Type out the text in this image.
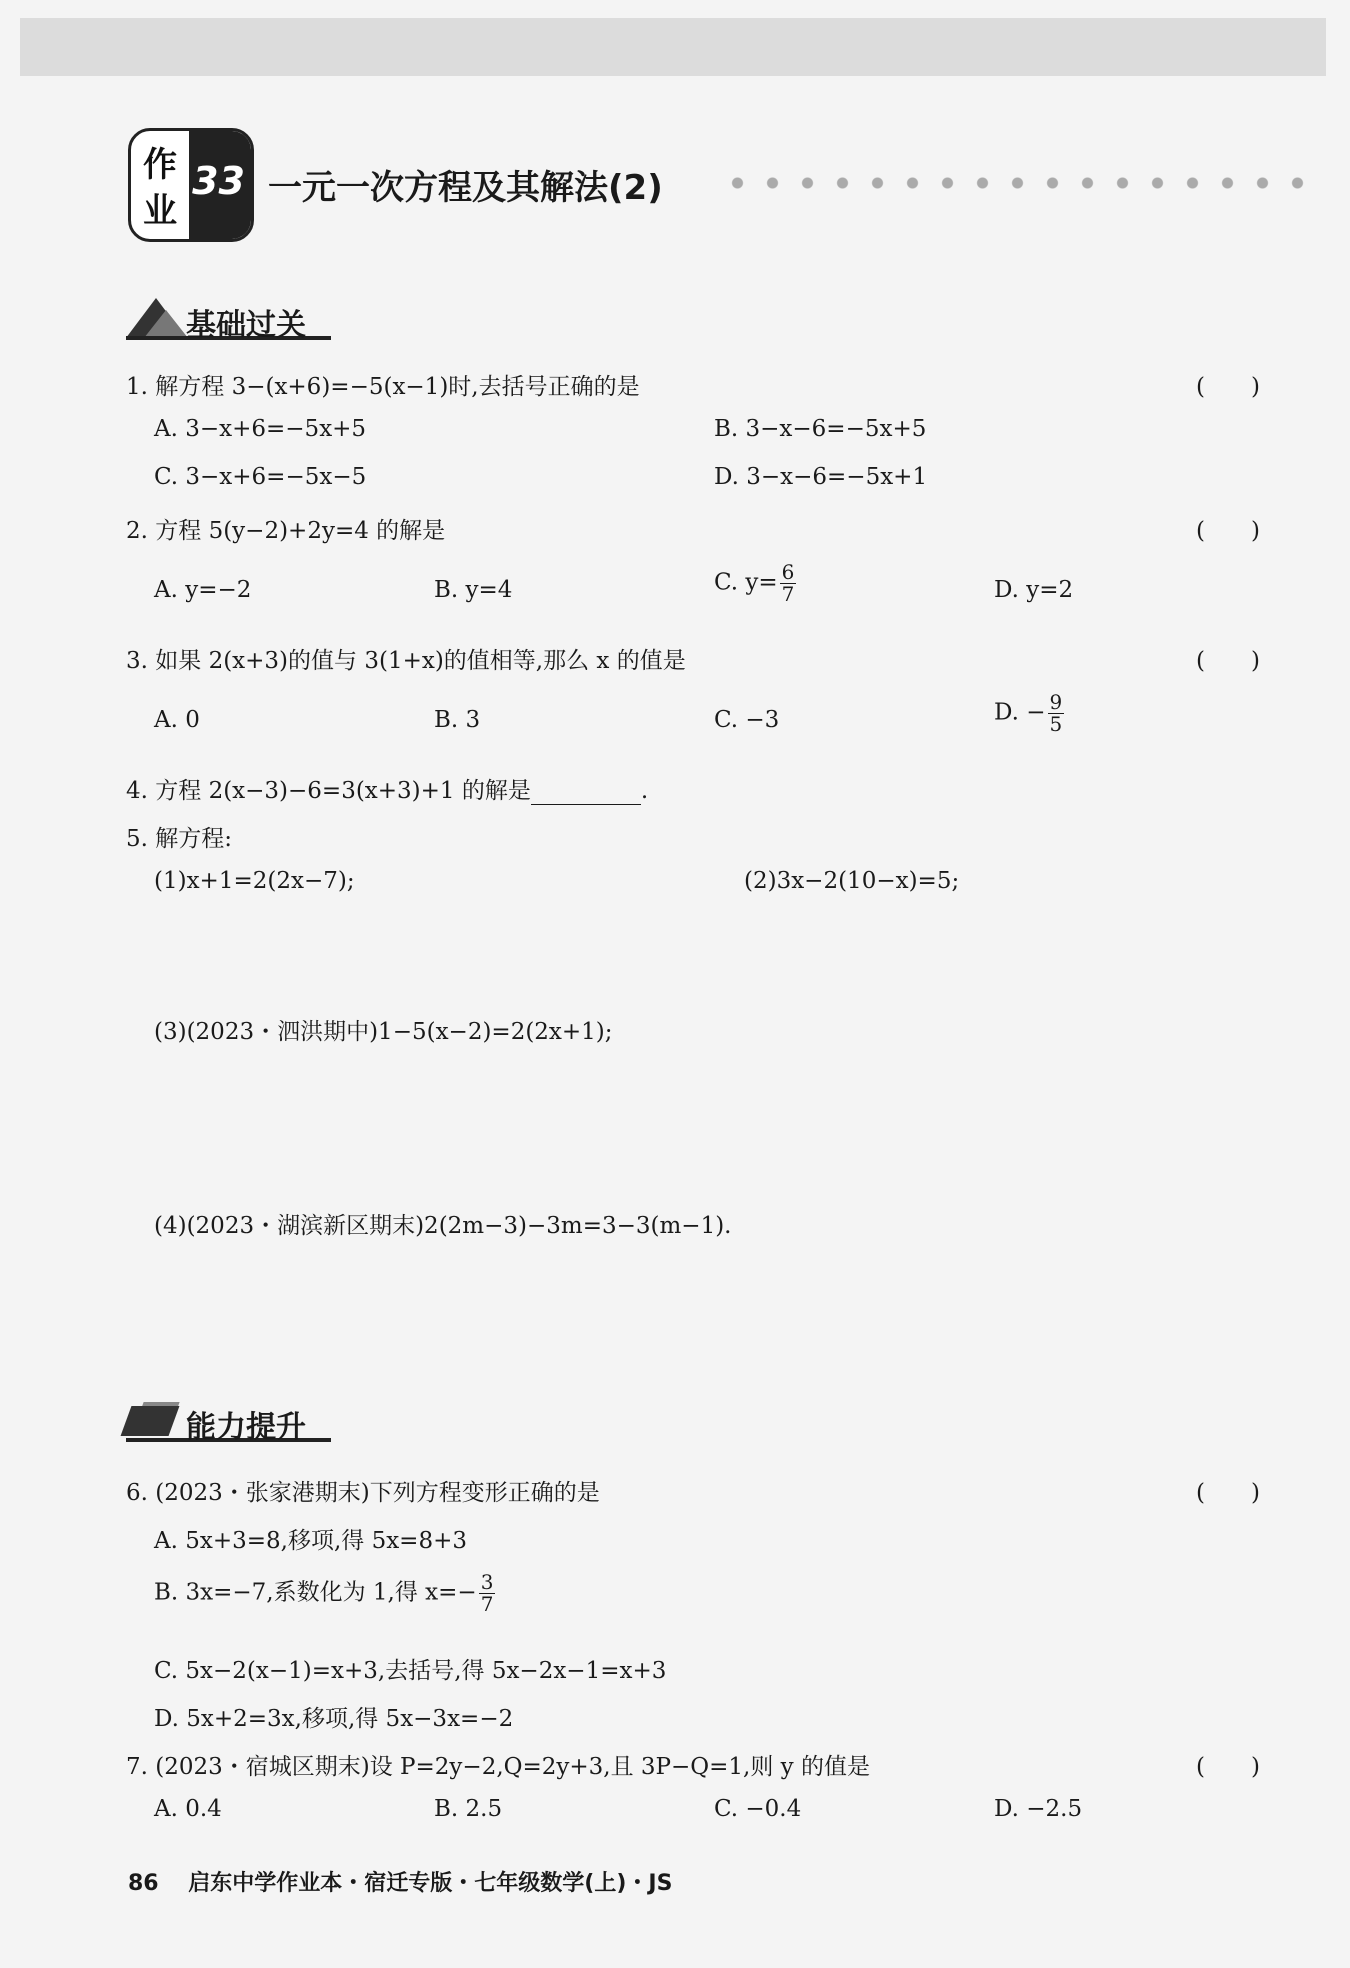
作
业
33 一元一次方程及其解法(2)
基础过关
1. 解方程 3−(x+6)=−5(x−1)时,去括号正确的是	(　　)
A. 3−x+6=−5x+5	B. 3−x−6=−5x+5
C. 3−x+6=−5x−5	D. 3−x−6=−5x+1
2. 方程 5(y−2)+2y=4 的解是	(　　)
A. y=−2	B. y=4	C. $y= \frac{6}{7}$	D. y=2
3. 如果 2(x+3)的值与 3(1+x)的值相等,那么 x 的值是	(　　)
A. 0	B. 3	C. −3	D. − $\frac{9}{5}$
4. 方程 2(x−3)−6=3(x+3)+1 的解是	.
5. 解方程:
(1)x+1=2(2x−7);	(2)3x−2(10−x)=5;
(3)(2023・泗洪期中)1−5(x−2)=2(2x+1);
(4)(2023・湖滨新区期末)2(2m−3)−3m=3−3(m−1).
能力提升
6. (2023・张家港期末)下列方程变形正确的是	(　　)
A. 5x+3=8,移项,得 5x=8+3
B. 3x=−7,系数化为 1,得 $x=- \frac{3}{7}$
C. 5x−2(x−1)=x+3,去括号,得 5x−2x−1=x+3
D. 5x+2=3x,移项,得 5x−3x=−2
7. (2023・宿城区期末)设 P=2y−2,Q=2y+3,且 3P−Q=1,则 y 的值是	(　　)
A. 0.4	B. 2.5	C. −0.4	D. −2.5
86 启东中学作业本・宿迁专版・七年级数学(上)・JS
